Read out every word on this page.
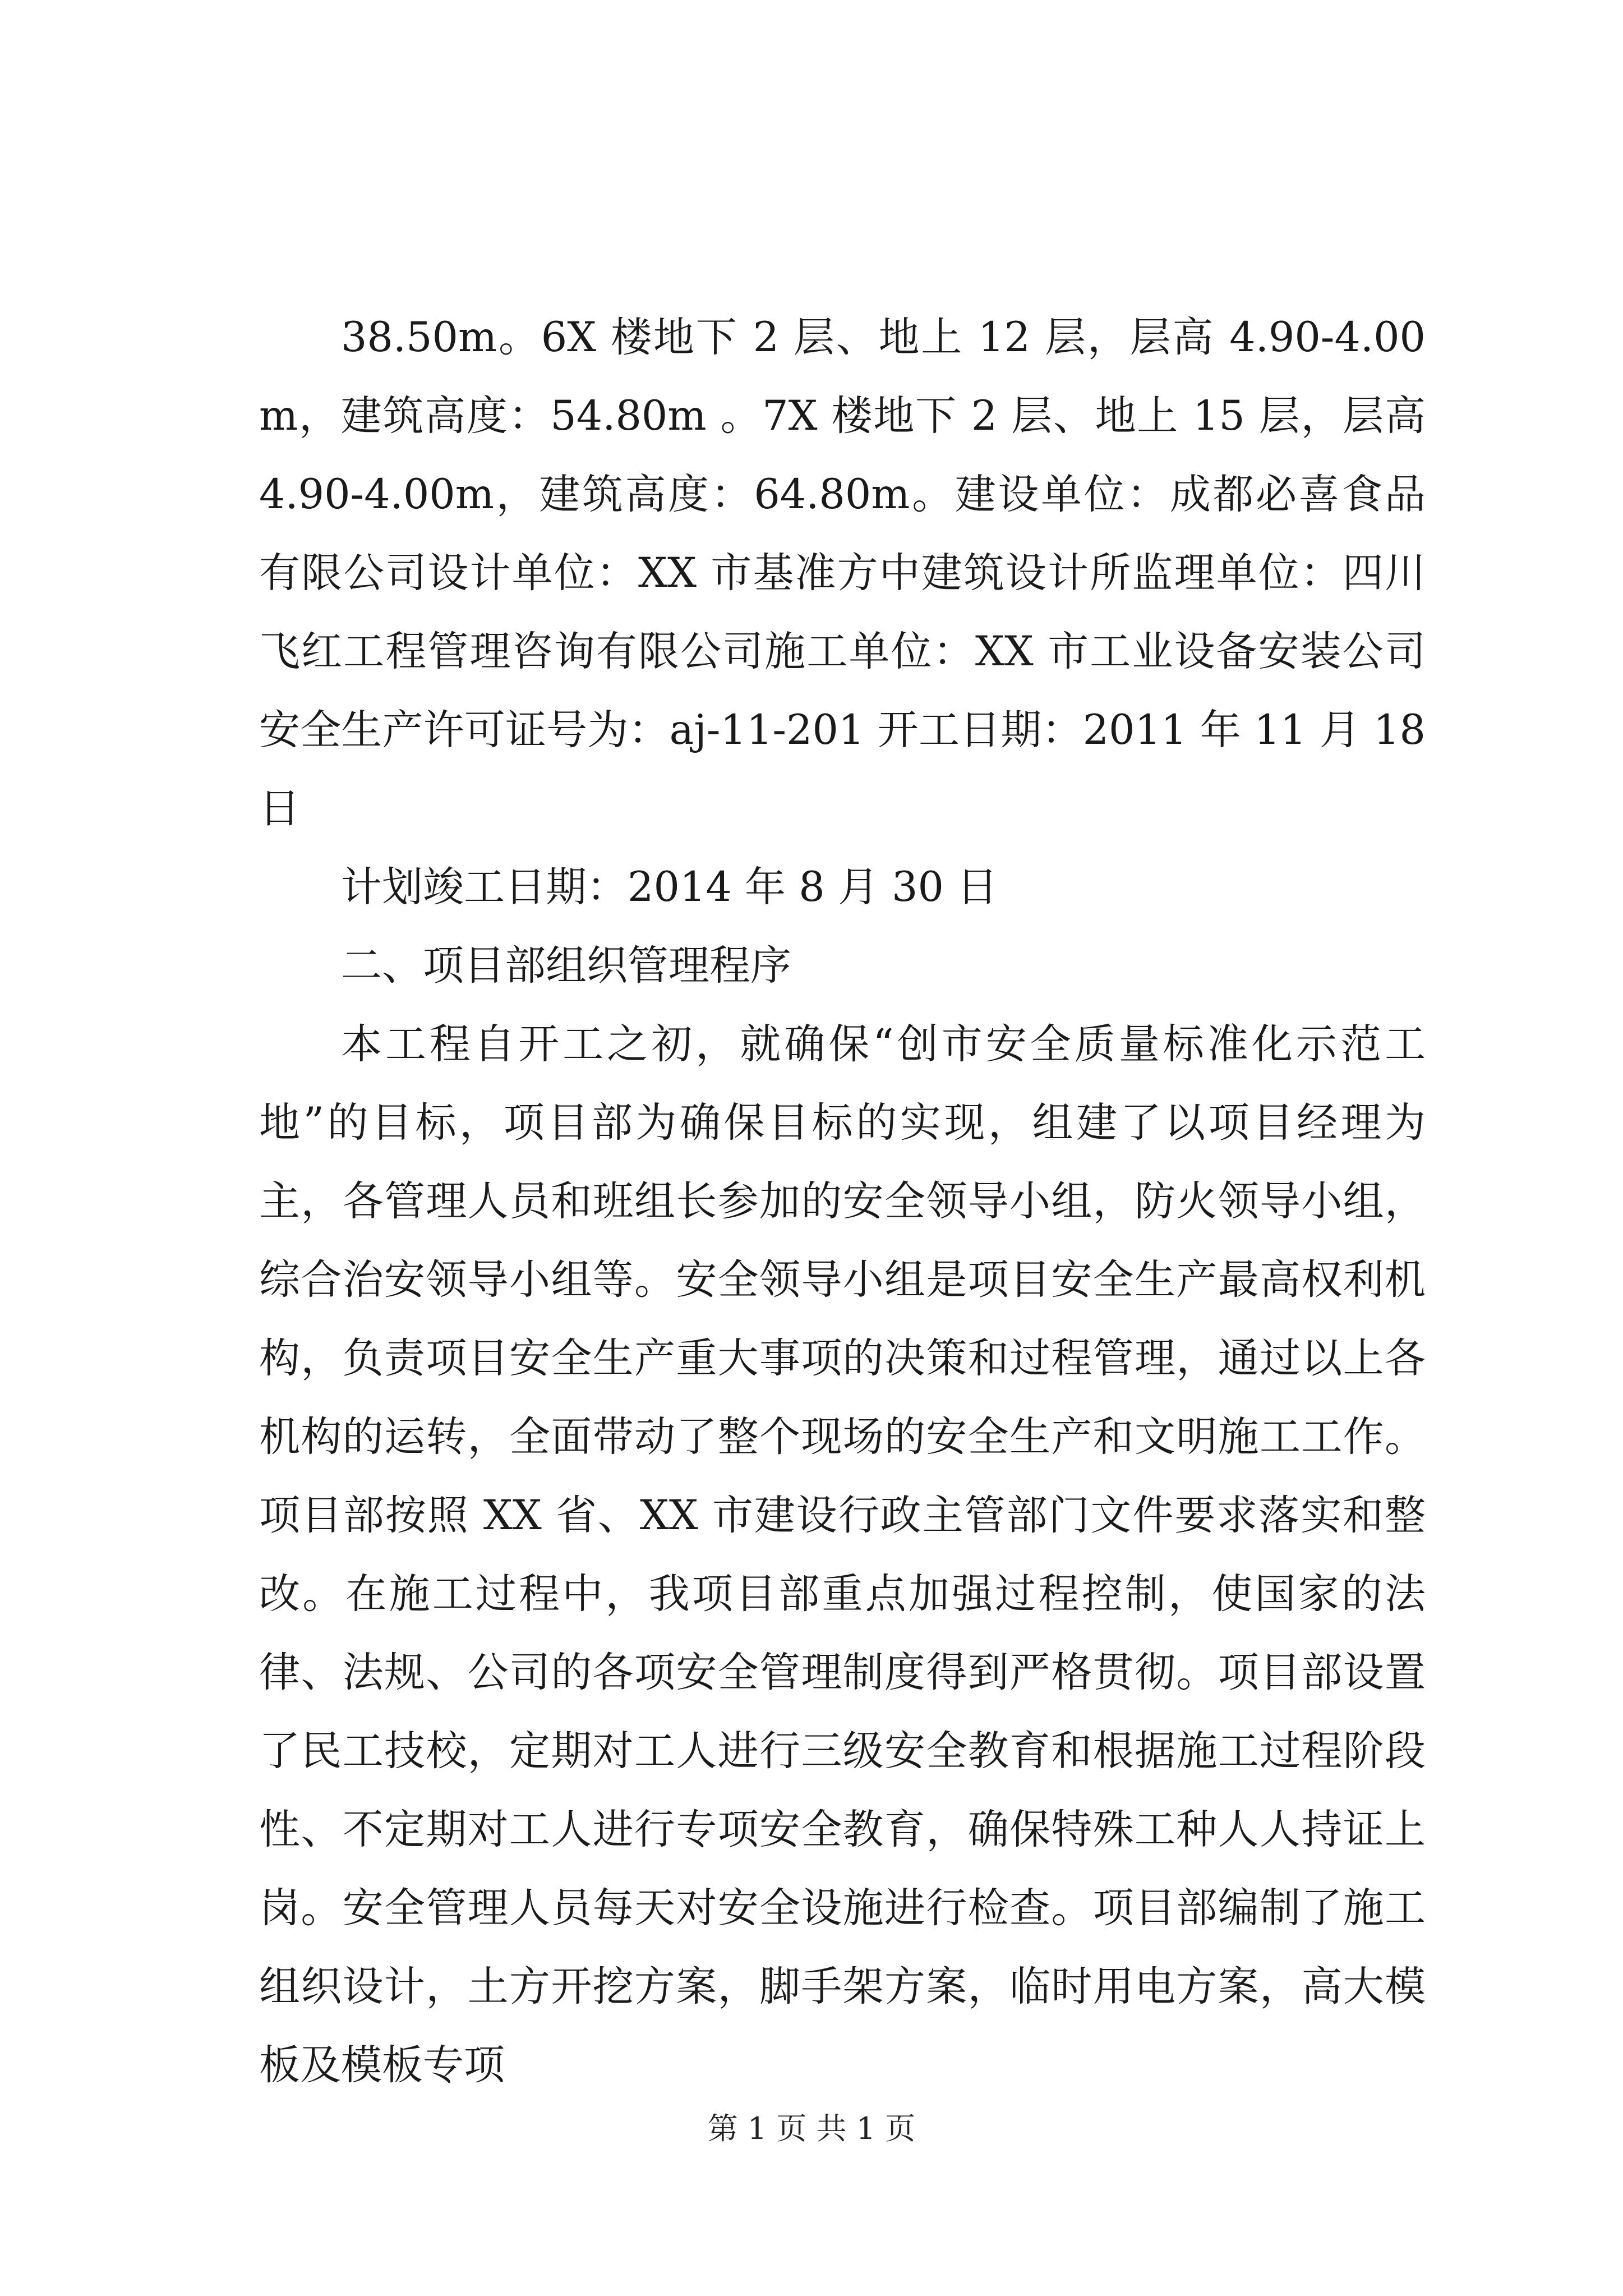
38.50m。6X 楼地下 2 层、地上 12 层，层高 4.90-4.00m，建筑高度：54.80m 。7X 楼地下 2 层、地上 15 层，层高 4.90-4.00m，建筑高度：64.80m。建设单位：成都必喜食品有限公司设计单位：XX 市基准方中建筑设计所监理单位：四川飞红工程管理咨询有限公司施工单位：XX 市工业设备安装公司安全生产许可证号为：aj-11-201 开工日期：2011 年 11 月 18 日

计划竣工日期：2014 年 8 月 30 日

二、项目部组织管理程序

本工程自开工之初，就确保“创市安全质量标准化示范工地”的目标，项目部为确保目标的实现，组建了以项目经理为主，各管理人员和班组长参加的安全领导小组，防火领导小组，综合治安领导小组等。安全领导小组是项目安全生产最高权利机构，负责项目安全生产重大事项的决策和过程管理，通过以上各机构的运转，全面带动了整个现场的安全生产和文明施工工作。项目部按照 XX 省、XX 市建设行政主管部门文件要求落实和整改。在施工过程中，我项目部重点加强过程控制，使国家的法律、法规、公司的各项安全管理制度得到严格贯彻。项目部设置了民工技校，定期对工人进行三级安全教育和根据施工过程阶段性、不定期对工人进行专项安全教育，确保特殊工种人人持证上岗。安全管理人员每天对安全设施进行检查。项目部编制了施工组织设计，土方开挖方案，脚手架方案，临时用电方案，高大模板及模板专项

第 1 页 共 1 页
